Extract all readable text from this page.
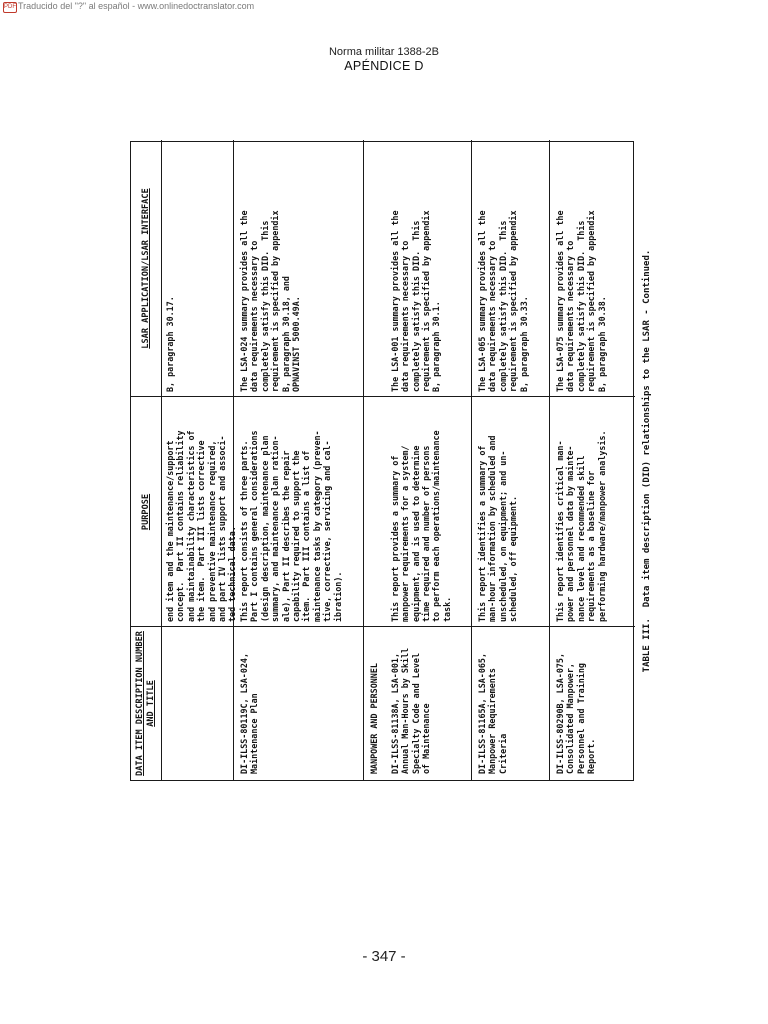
PDF Traducido del "?" al español - www.onlinedoctranslator.com
Norma militar 1388-2B
APÉNDICE D
DATA ITEM DESCRIPTION NUMBER AND TITLE
PURPOSE
LSAR APPLICATION/LSAR INTERFACE
end item and the maintenance/support
concept.  Part II contains reliability
and maintainability characteristics of
the item.  Part III lists corrective
and preventive maintenance required,
and part IV lists support and associ-
ted technical data.
B, paragraph 30.17.
DI-ILSS-80119C, LSA-024,
Maintenance Plan
This report consists of three parts.
Part I contains general considerations
(design description, maintenance plan
summary, and maintenance plan ration-
ale), Part II describes the repair
capability required to support the
item.  Part III contains a list of
maintenance tasks by category (preven-
tive, corrective, servicing and cal-
ibration).
The LSA-024 summary provides all the
data requirements necessary to
completely satisfy this DID.  This
requirement is specified by appendix
B, paragraph 30.18, and
OPNAVINST 5000.49A.
MANPOWER AND PERSONNEL

DI-ILSS-81138A, LSA-001,
Annual Man-Hours by Skill
Specialty Code and Level
of Maintenance

This report provides a summary of
manpower requirements for a system/
equipment, and is used to determine
time required and number of persons
to perform each operations/maintenance
task.

The LSA-001 summary provides all the
data requirements necessary to
completely satisfy this DID.  This
requirement is specified by appendix
B, paragraph 30.1.
DI-ILSS-81165A, LSA-065,
Manpower Requirements
Criteria
This report identifies a summary of
man-hour information by scheduled and
unscheduled, on equipment; and un-
scheduled, off equipment.
The LSA-065 summary provides all the
data requirements necessary to
completely satisfy this DID.  This
requirement is specified by appendix
B, paragraph 30.33.
DI-ILSS-80290B, LSA-075,
Consolidated Manpower,
Personnel and Training
Report.
This report identifies critical man-
power and personnel data by mainte-
nance level and recommended skill
requirements as a baseline for
performing hardware/manpower analysis.
The LSA-075 summary provides all the
data requirements necessary to
completely satisfy this DID.  This
requirement is specified by appendix
B, paragraph 30.38.	TABLE III.  Data item description (DID) relationships to the LSAR - Continued.
- 347 -
